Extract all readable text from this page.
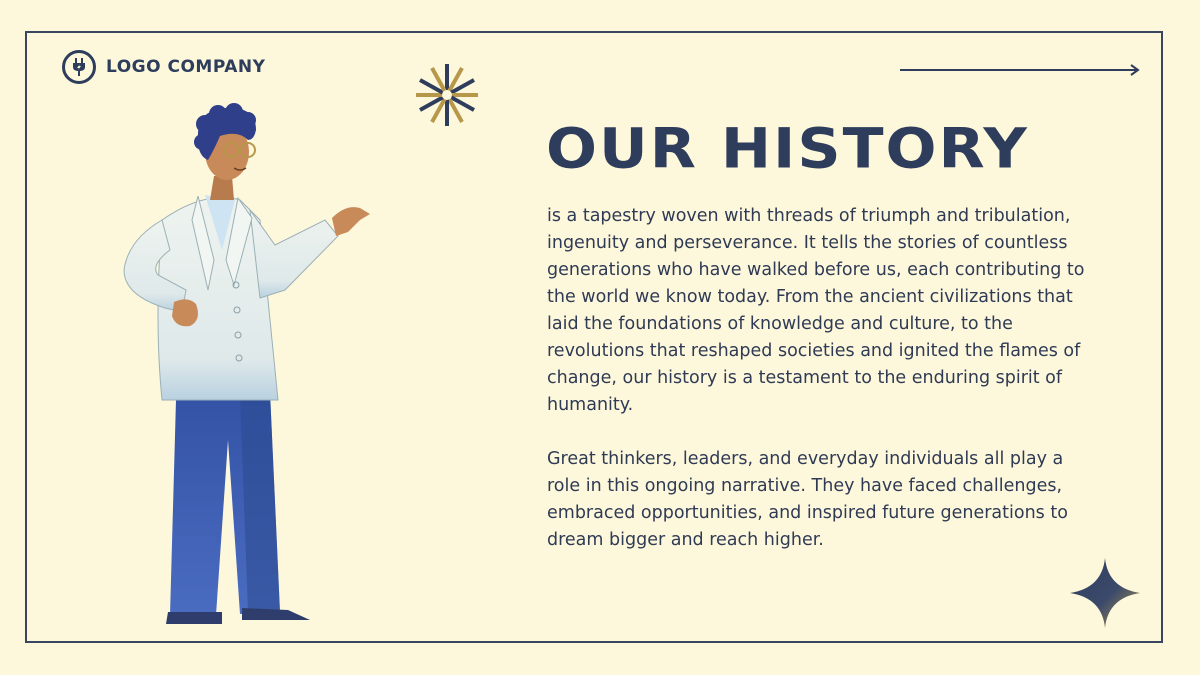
LOGO COMPANY
OUR HISTORY

is a tapestry woven with threads of triumph and tribulation, ingenuity and perseverance. It tells the stories of countless generations who have walked before us, each contributing to the world we know today. From the ancient civilizations that laid the foundations of knowledge and culture, to the revolutions that reshaped societies and ignited the flames of change, our history is a testament to the enduring spirit of humanity.

Great thinkers, leaders, and everyday individuals all play a role in this ongoing narrative. They have faced challenges, embraced opportunities, and inspired future generations to dream bigger and reach higher.
